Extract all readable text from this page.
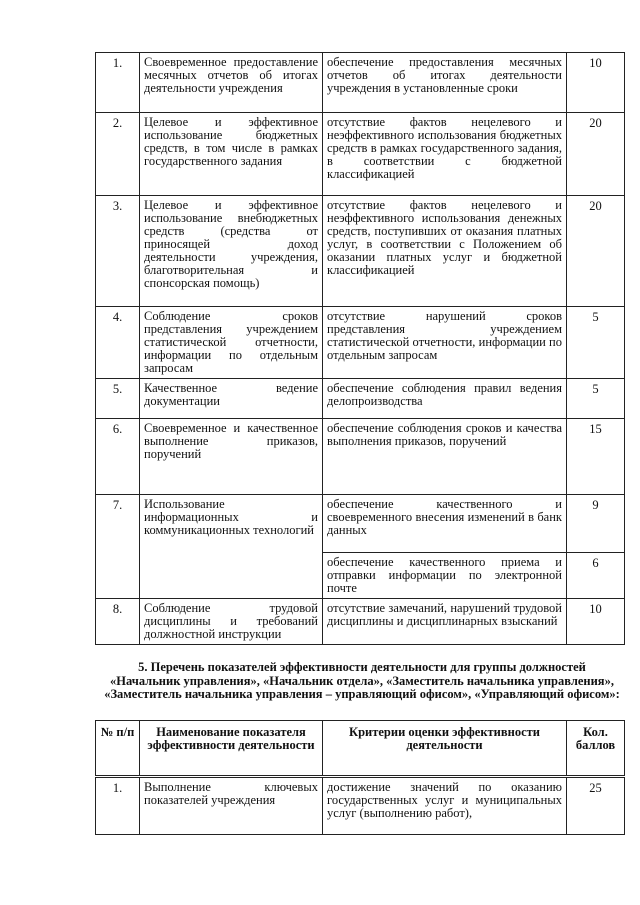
1.	Своевременное предоставление месячных отчетов об итогах деятельности учреждения	обеспечение предоставления месячных отчетов об итогах деятельности учреждения в установленные сроки	10
2.	Целевое и эффективное использование бюджетных средств, в том числе в рамках государственного задания	отсутствие фактов нецелевого и неэффективного использования бюджетных средств в рамках государственного задания, в соответствии с бюджетной классификацией	20
3.	Целевое и эффективное использование внебюджетных средств (средства от приносящей доход деятельности учреждения, благотворительная и спонсорская помощь)	отсутствие фактов нецелевого и неэффективного использования денежных средств, поступивших от оказания платных услуг, в соответствии с Положением об оказании платных услуг и бюджетной классификацией	20
4.	Соблюдение сроков представления учреждением статистической отчетности, информации по отдельным запросам	отсутствие нарушений сроков представления учреждением статистической отчетности, информации по отдельным запросам	5
5.	Качественное ведение документации	обеспечение соблюдения правил ведения делопроизводства	5
6.	Своевременное и качественное выполнение приказов, поручений	обеспечение соблюдения сроков и качества выполнения приказов, поручений	15
7.	Использование информационных и коммуникационных технологий	обеспечение качественного и своевременного внесения изменений в банк данных	9
		обеспечение качественного приема и отправки информации по электронной почте	6
8.	Соблюдение трудовой дисциплины и требований должностной инструкции	отсутствие замечаний, нарушений трудовой дисциплины и дисциплинарных взысканий	10
5. Перечень показателей эффективности деятельности для группы должностей «Начальник управления», «Начальник отдела», «Заместитель начальника управления», «Заместитель начальника управления – управляющий офисом», «Управляющий офисом»:
№ п/п	Наименование показателя эффективности деятельности	Критерии оценки эффективности деятельности	Кол. баллов
1.	Выполнение ключевых показателей учреждения	достижение значений по оказанию государственных услуг и муниципальных услуг (выполнению работ),	25
